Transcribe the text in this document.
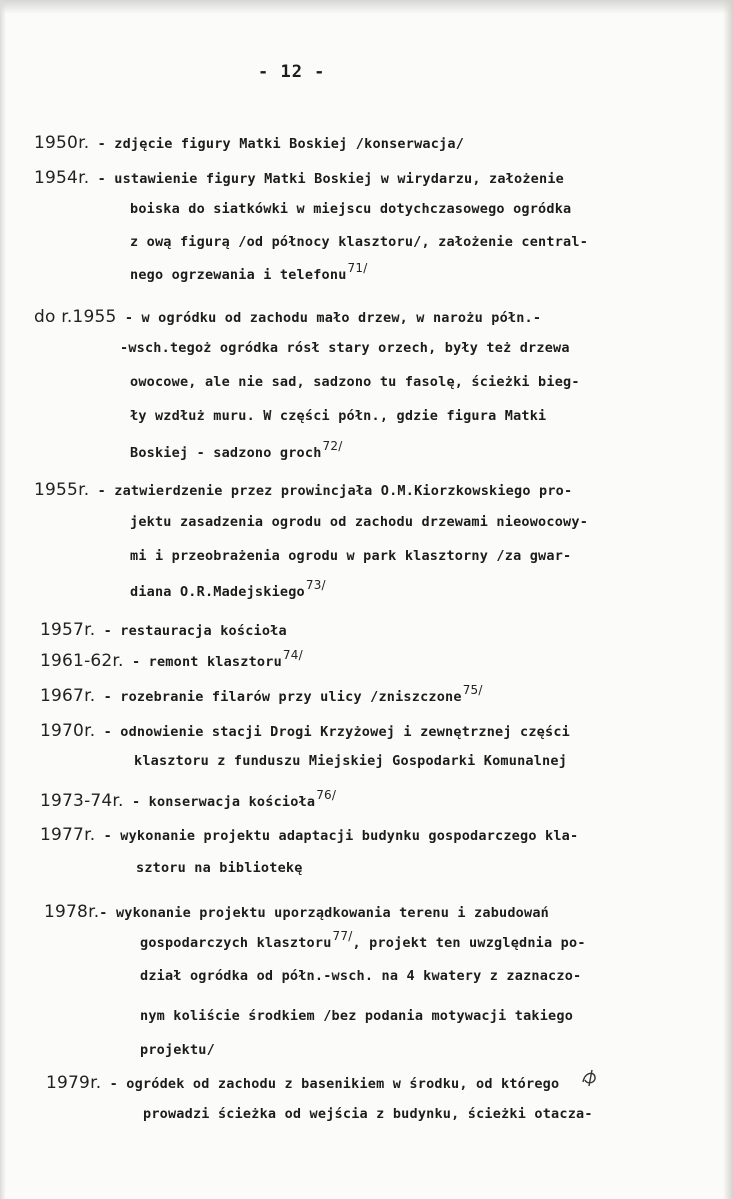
- 12 -
1950r. - zdjęcie figury Matki Boskiej /konserwacja/
1954r. - ustawienie figury Matki Boskiej w wirydarzu, założenie
boiska do siatkówki w miejscu dotychczasowego ogródka
z ową figurą /od północy klasztoru/, założenie central-
nego ogrzewania i telefonu71/
do r.1955 - w ogródku od zachodu mało drzew, w narożu półn.-
-wsch.tegoż ogródka rósł stary orzech, były też drzewa
owocowe, ale nie sad, sadzono tu fasolę, ścieżki bieg-
ły wzdłuż muru. W części półn., gdzie figura Matki
Boskiej - sadzono groch72/
1955r. - zatwierdzenie przez prowincjała O.M.Kiorzkowskiego pro-
jektu zasadzenia ogrodu od zachodu drzewami nieowocowy-
mi i przeobrażenia ogrodu w park klasztorny /za gwar-
diana O.R.Madejskiego73/
1957r. - restauracja kościoła
1961-62r. - remont klasztoru74/
1967r. - rozebranie filarów przy ulicy /zniszczone75/
1970r. - odnowienie stacji Drogi Krzyżowej i zewnętrznej części
klasztoru z funduszu Miejskiej Gospodarki Komunalnej
1973-74r. - konserwacja kościoła76/
1977r. - wykonanie projektu adaptacji budynku gospodarczego kla-
sztoru na bibliotekę
1978r.- wykonanie projektu uporządkowania terenu i zabudowań
gospodarczych klasztoru77/, projekt ten uwzględnia po-
dział ogródka od półn.-wsch. na 4 kwatery z zaznaczo-
nym koliście środkiem /bez podania motywacji takiego
projektu/
1979r. - ogródek od zachodu z basenikiem w środku, od którego
prowadzi ścieżka od wejścia z budynku, ścieżki otacza-
